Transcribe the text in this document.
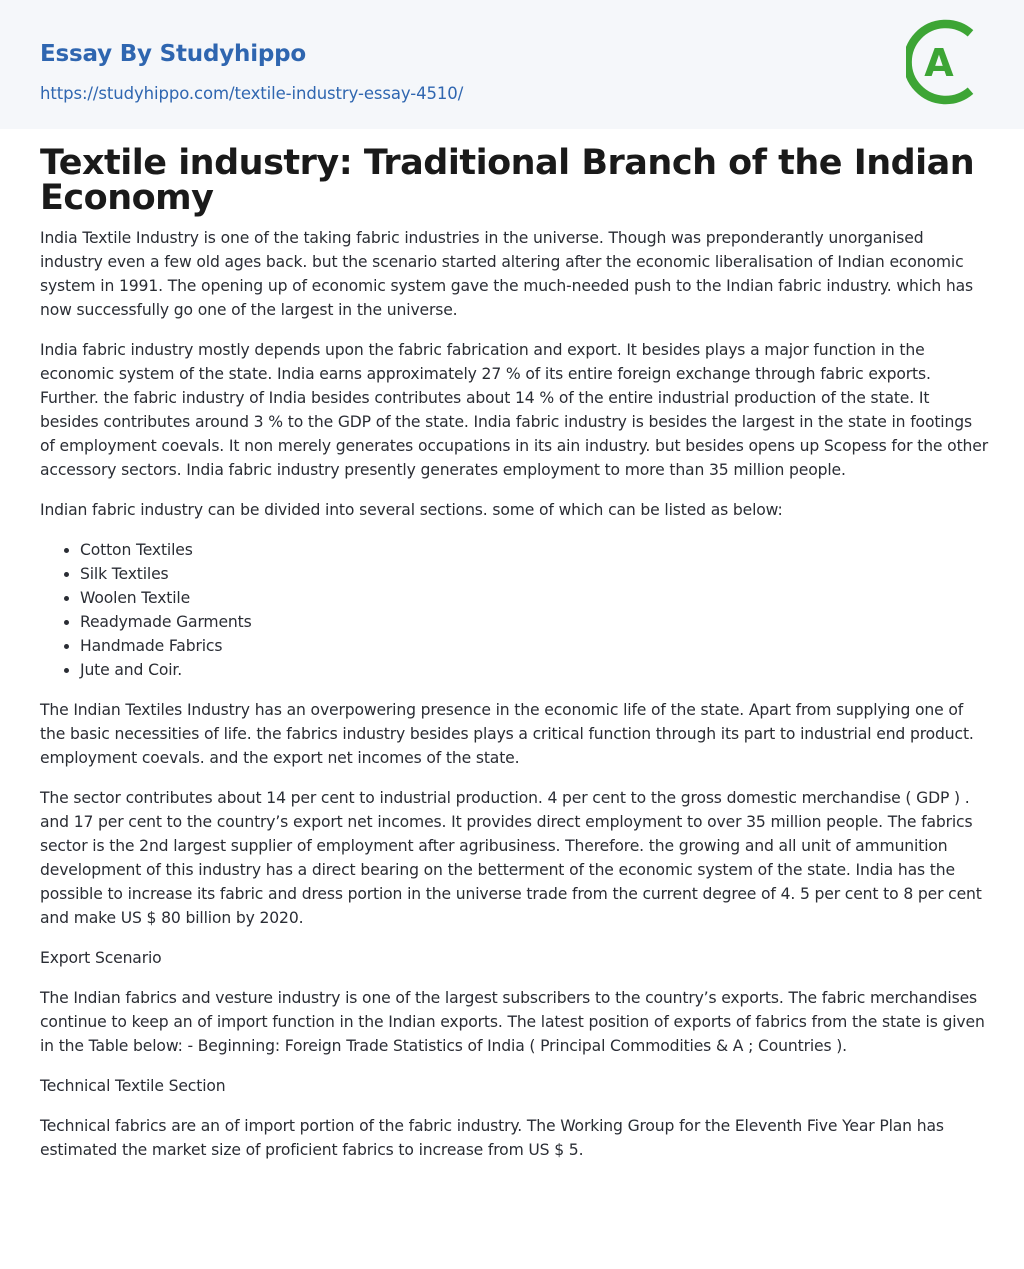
Essay By Studyhippo
https://studyhippo.com/textile-industry-essay-4510/
A
Textile industry: Traditional Branch of the Indian Economy

India Textile Industry is one of the taking fabric industries in the universe. Though was preponderantly unorganised industry even a few old ages back. but the scenario started altering after the economic liberalisation of Indian economic system in 1991. The opening up of economic system gave the much-needed push to the Indian fabric industry. which has now successfully go one of the largest in the universe.

India fabric industry mostly depends upon the fabric fabrication and export. It besides plays a major function in the economic system of the state. India earns approximately 27 % of its entire foreign exchange through fabric exports. Further. the fabric industry of India besides contributes about 14 % of the entire industrial production of the state. It besides contributes around 3 % to the GDP of the state. India fabric industry is besides the largest in the state in footings of employment coevals. It non merely generates occupations in its ain industry. but besides opens up Scopess for the other accessory sectors. India fabric industry presently generates employment to more than 35 million people.

Indian fabric industry can be divided into several sections. some of which can be listed as below:

• Cotton Textiles
• Silk Textiles
• Woolen Textile
• Readymade Garments
• Handmade Fabrics
• Jute and Coir.

The Indian Textiles Industry has an overpowering presence in the economic life of the state. Apart from supplying one of the basic necessities of life. the fabrics industry besides plays a critical function through its part to industrial end product. employment coevals. and the export net incomes of the state.

The sector contributes about 14 per cent to industrial production. 4 per cent to the gross domestic merchandise ( GDP ) . and 17 per cent to the country’s export net incomes. It provides direct employment to over 35 million people. The fabrics sector is the 2nd largest supplier of employment after agribusiness. Therefore. the growing and all unit of ammunition development of this industry has a direct bearing on the betterment of the economic system of the state. India has the possible to increase its fabric and dress portion in the universe trade from the current degree of 4. 5 per cent to 8 per cent and make US $ 80 billion by 2020.

Export Scenario

The Indian fabrics and vesture industry is one of the largest subscribers to the country’s exports. The fabric merchandises continue to keep an of import function in the Indian exports. The latest position of exports of fabrics from the state is given in the Table below: - Beginning: Foreign Trade Statistics of India ( Principal Commodities & A ; Countries ).

Technical Textile Section

Technical fabrics are an of import portion of the fabric industry. The Working Group for the Eleventh Five Year Plan has estimated the market size of proficient fabrics to increase from US $ 5.
